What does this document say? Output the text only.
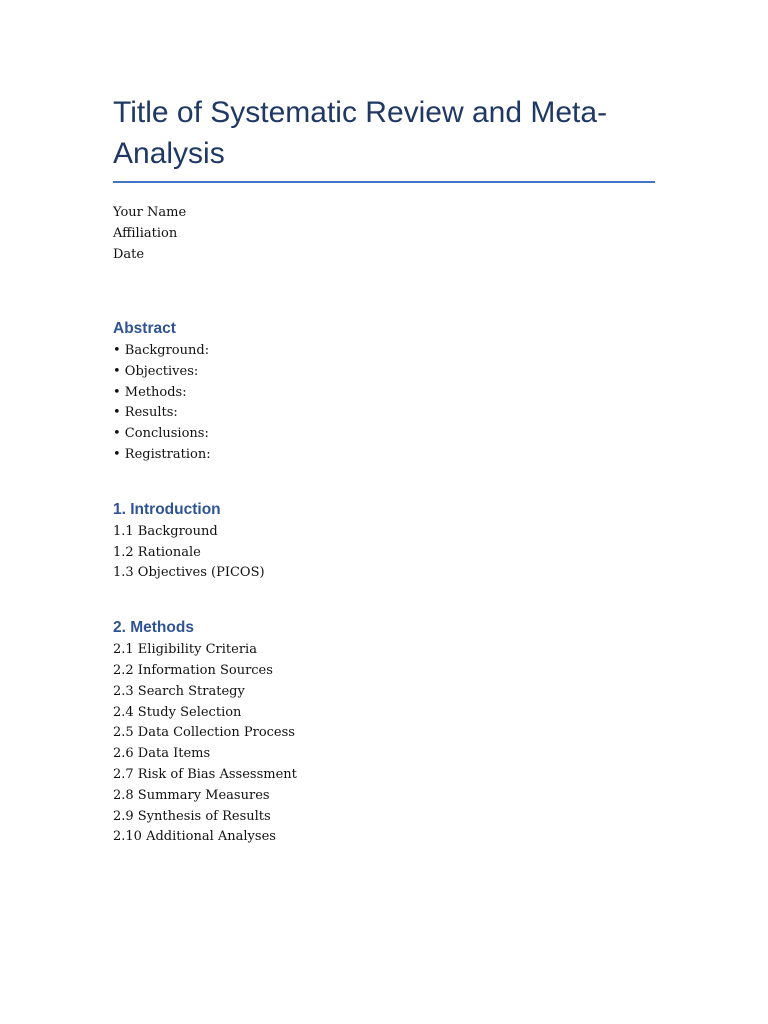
Title of Systematic Review and Meta-Analysis
Your Name
Affiliation
Date
Abstract
• Background:
• Objectives:
• Methods:
• Results:
• Conclusions:
• Registration:
1. Introduction
1.1 Background
1.2 Rationale
1.3 Objectives (PICOS)
2. Methods
2.1 Eligibility Criteria
2.2 Information Sources
2.3 Search Strategy
2.4 Study Selection
2.5 Data Collection Process
2.6 Data Items
2.7 Risk of Bias Assessment
2.8 Summary Measures
2.9 Synthesis of Results
2.10 Additional Analyses
